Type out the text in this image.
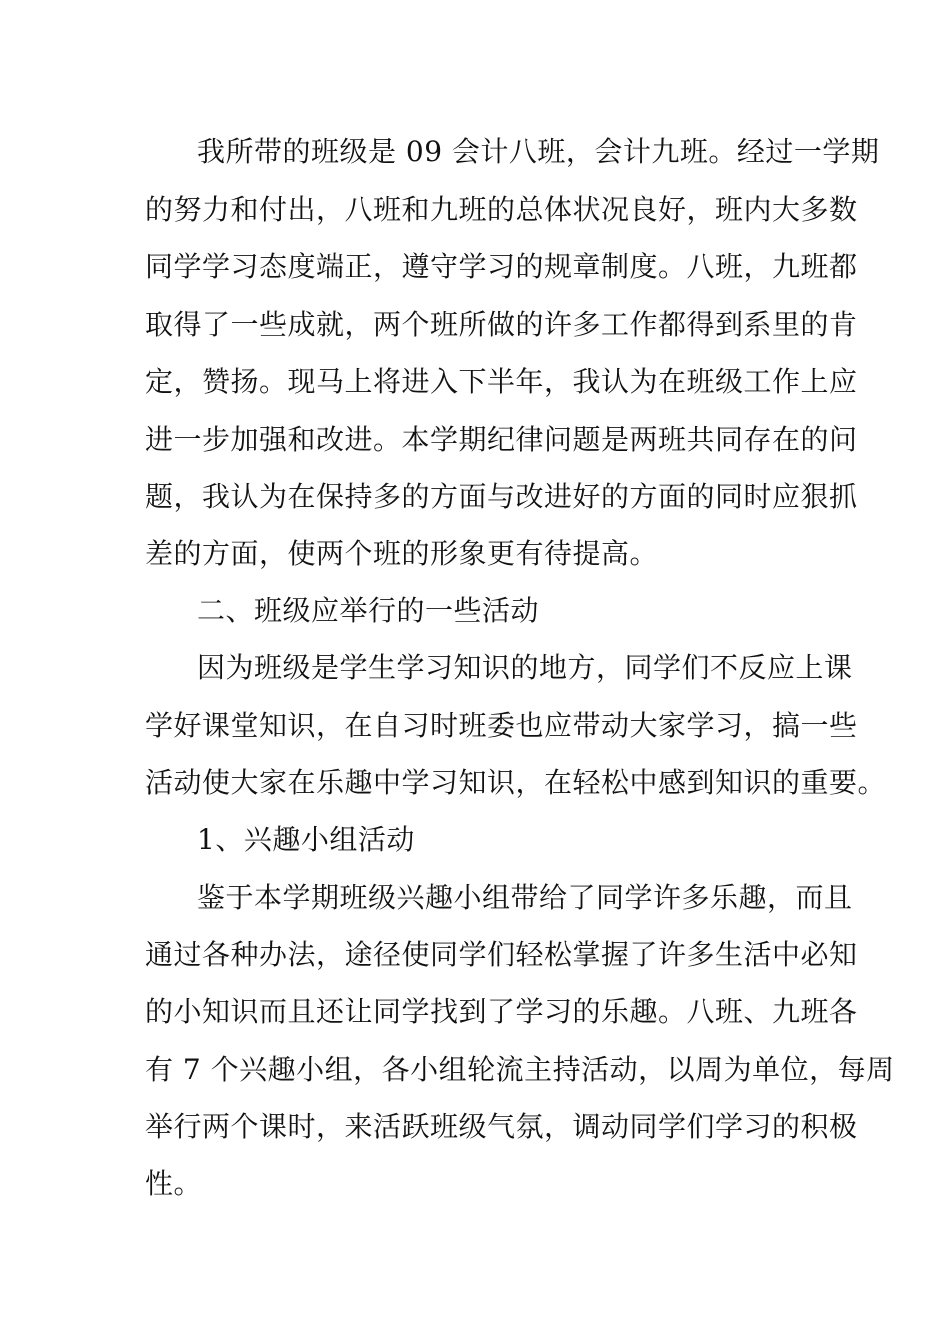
我所带的班级是 09 会计八班，会计九班。经过一学期
的努力和付出，八班和九班的总体状况良好，班内大多数
同学学习态度端正，遵守学习的规章制度。八班，九班都
取得了一些成就，两个班所做的许多工作都得到系里的肯
定，赞扬。现马上将进入下半年，我认为在班级工作上应
进一步加强和改进。本学期纪律问题是两班共同存在的问
题，我认为在保持多的方面与改进好的方面的同时应狠抓
差的方面，使两个班的形象更有待提高。
二、班级应举行的一些活动
因为班级是学生学习知识的地方，同学们不反应上课
学好课堂知识，在自习时班委也应带动大家学习，搞一些
活动使大家在乐趣中学习知识，在轻松中感到知识的重要。
1、兴趣小组活动
鉴于本学期班级兴趣小组带给了同学许多乐趣，而且
通过各种办法，途径使同学们轻松掌握了许多生活中必知
的小知识而且还让同学找到了学习的乐趣。八班、九班各
有 7 个兴趣小组，各小组轮流主持活动，以周为单位，每周
举行两个课时，来活跃班级气氛，调动同学们学习的积极
性。
